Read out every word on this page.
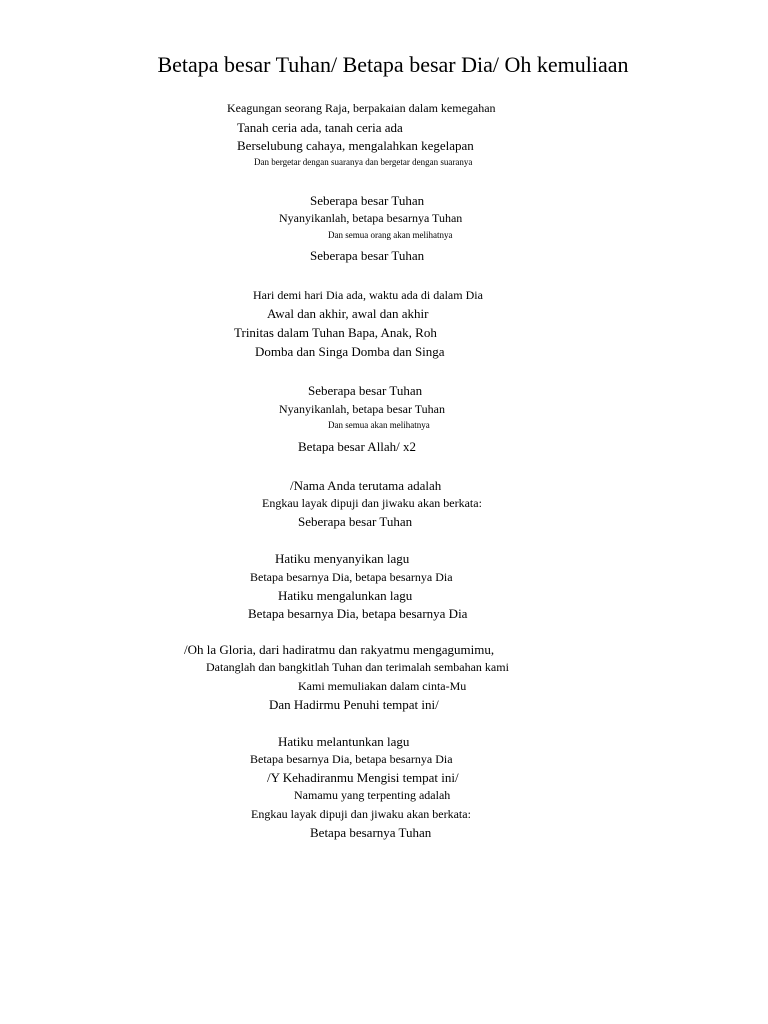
Betapa besar Tuhan/ Betapa besar Dia/ Oh kemuliaan
Keagungan seorang Raja, berpakaian dalam kemegahan
Tanah ceria ada, tanah ceria ada
Berselubung cahaya, mengalahkan kegelapan
Dan bergetar dengan suaranya dan bergetar dengan suaranya
Seberapa besar Tuhan
Nyanyikanlah, betapa besarnya Tuhan
Dan semua orang akan melihatnya
Seberapa besar Tuhan
Hari demi hari Dia ada, waktu ada di dalam Dia
Awal dan akhir, awal dan akhir
Trinitas dalam Tuhan Bapa, Anak, Roh
Domba dan Singa Domba dan Singa
Seberapa besar Tuhan
Nyanyikanlah, betapa besar Tuhan
Dan semua akan melihatnya
Betapa besar Allah/ x2
/Nama Anda terutama adalah
Engkau layak dipuji dan jiwaku akan berkata:
Seberapa besar Tuhan
Hatiku menyanyikan lagu
Betapa besarnya Dia, betapa besarnya Dia
Hatiku mengalunkan lagu
Betapa besarnya Dia, betapa besarnya Dia
/Oh la Gloria, dari hadiratmu dan rakyatmu mengagumimu,
Datanglah dan bangkitlah Tuhan dan terimalah sembahan kami
Kami memuliakan dalam cinta-Mu
Dan Hadirmu Penuhi tempat ini/
Hatiku melantunkan lagu
Betapa besarnya Dia, betapa besarnya Dia
/Y Kehadiranmu Mengisi tempat ini/
Namamu yang terpenting adalah
Engkau layak dipuji dan jiwaku akan berkata:
Betapa besarnya Tuhan
